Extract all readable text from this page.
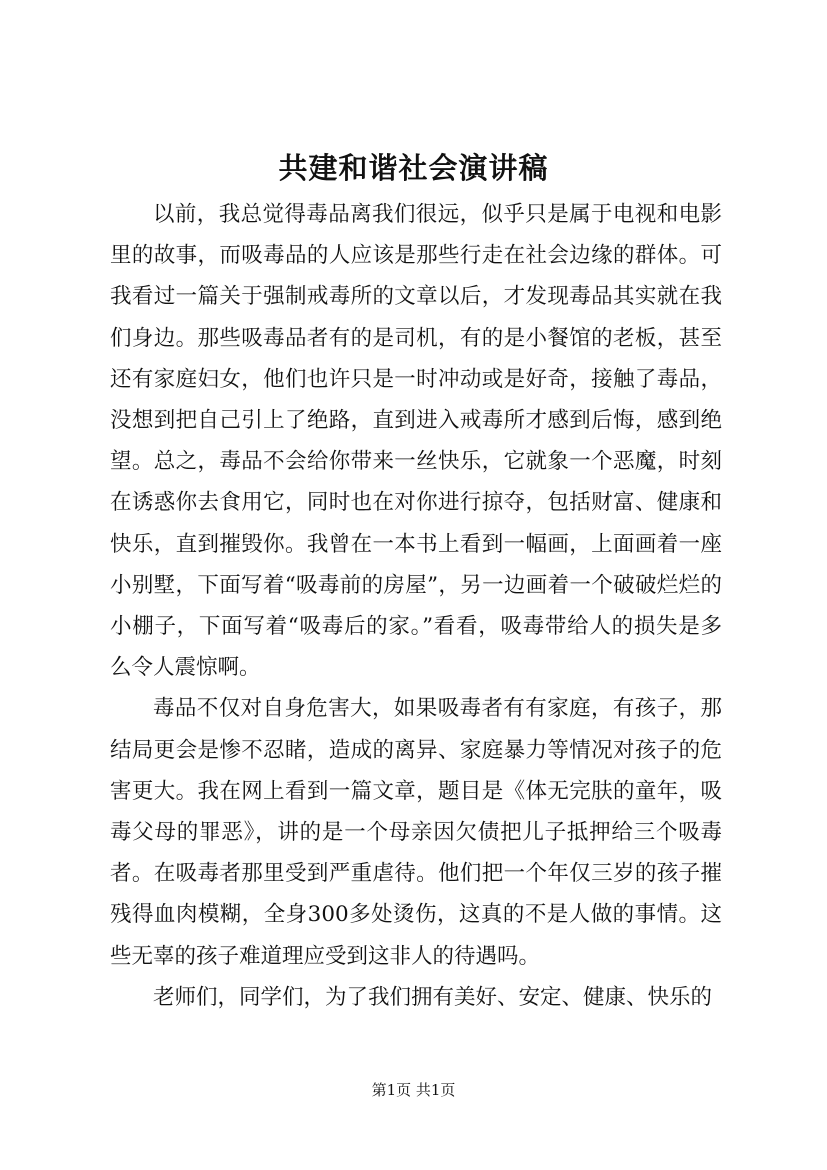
共建和谐社会演讲稿

以前，我总觉得毒品离我们很远，似乎只是属于电视和电影里的故事，而吸毒品的人应该是那些行走在社会边缘的群体。可我看过一篇关于强制戒毒所的文章以后，才发现毒品其实就在我们身边。那些吸毒品者有的是司机，有的是小餐馆的老板，甚至还有家庭妇女，他们也许只是一时冲动或是好奇，接触了毒品，没想到把自己引上了绝路，直到进入戒毒所才感到后悔，感到绝望。总之，毒品不会给你带来一丝快乐，它就象一个恶魔，时刻在诱惑你去食用它，同时也在对你进行掠夺，包括财富、健康和快乐，直到摧毁你。我曾在一本书上看到一幅画，上面画着一座小别墅，下面写着“吸毒前的房屋”，另一边画着一个破破烂烂的小棚子，下面写着“吸毒后的家。”看看，吸毒带给人的损失是多么令人震惊啊。

毒品不仅对自身危害大，如果吸毒者有有家庭，有孩子，那结局更会是惨不忍睹，造成的离异、家庭暴力等情况对孩子的危害更大。我在网上看到一篇文章，题目是《体无完肤的童年，吸毒父母的罪恶》，讲的是一个母亲因欠债把儿子抵押给三个吸毒者。在吸毒者那里受到严重虐待。他们把一个年仅三岁的孩子摧残得血肉模糊，全身300多处烫伤，这真的不是人做的事情。这些无辜的孩子难道理应受到这非人的待遇吗。

老师们，同学们，为了我们拥有美好、安定、健康、快乐的

第1页 共1页
